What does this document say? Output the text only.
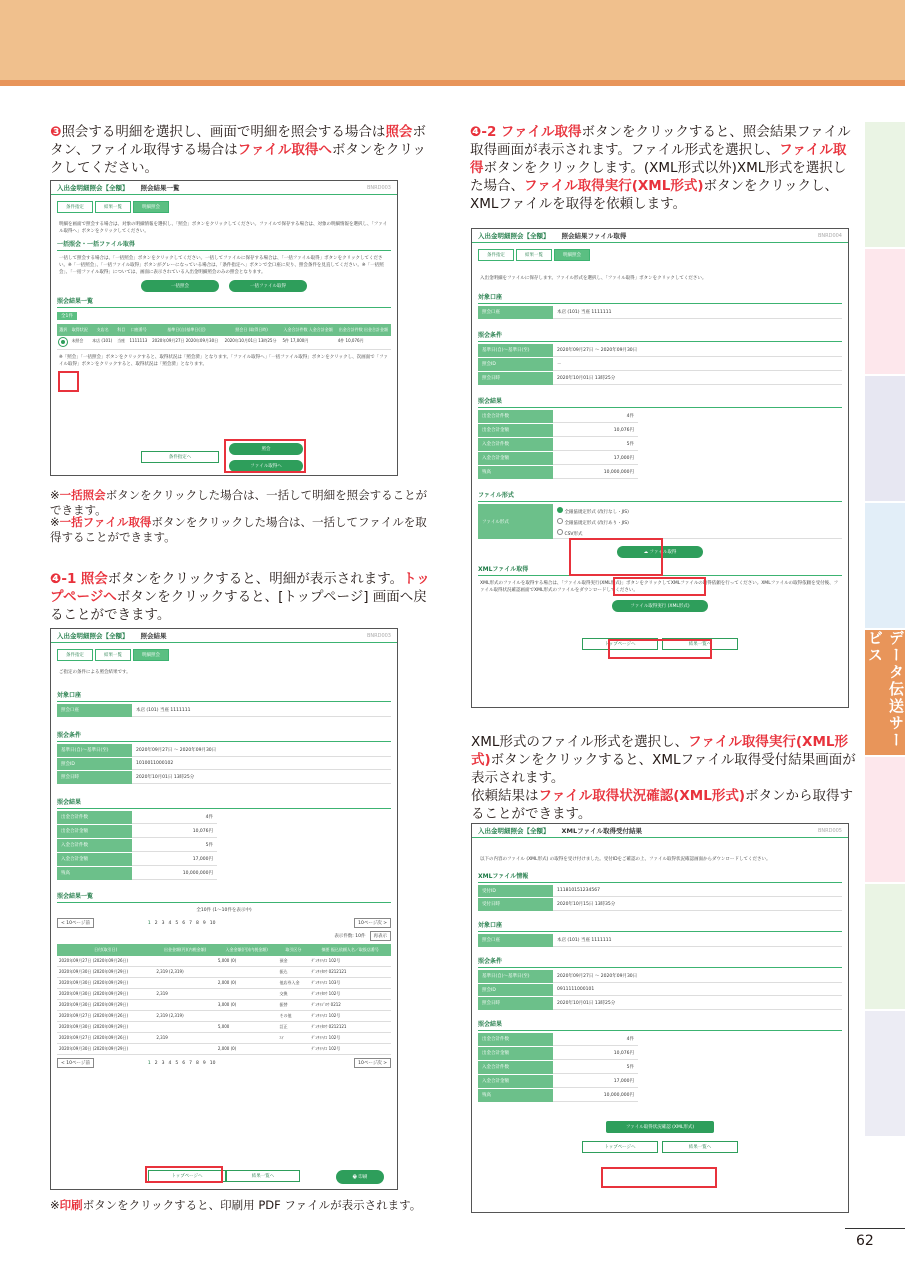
データ伝送サービス
62
❸照会する明細を選択し、画面で明細を照会する場合は照会ボタン、ファイル取得する場合はファイル取得へボタンをクリックしてください。
入出金明細照会【全額】 照会結果一覧	BNRD003
条件指定	結果一覧	明細照会
明細を画面で照会する場合は、対象の明細情報を選択し、「照会」ボタンをクリックしてください。ファイルで保存する場合は、対象の明細情報を選択し、「ファイル取得へ」ボタンをクリックしてください。
一括照会・一括ファイル取得
一括して照会する場合は、「一括照会」ボタンをクリックしてください。一括してファイルに保存する場合は、「一括ファイル取得」ボタンをクリックしてください。※「一括照会」、「一括ファイル取得」ボタンがグレーになっている場合は、「条件指定へ」ボタンで全口座に戻り、照会条件を見直してください。※「一括照会」、「一括ファイル取得」については、画面に表示されている入出金明細照会のみの照会となります。
一括照会	一括ファイル取得
照会結果一覧
全1件
選択	取得状況	支店名	科目	口座番号	基準日(自)基準日(至)	照会日 (取得日時)	入金合計件数 入金合計金額	出金合計件数 出金合計金額
	未照会	本店 (101)	当座	1111113	2020年09月27日 2020年09月30日	2020年10月01日 13時25分	5件 17,000円	4件 10,076円
※「照会」「一括照会」ボタンをクリックすると、取得状況は「照会済」となります。「ファイル取得へ」「一括ファイル取得」ボタンをクリックし、次画面で「ファイル取得」ボタンをクリックすると、取得状況は「照会済」となります。
条件指定へ
照会
ファイル取得へ
※一括照会ボタンをクリックした場合は、一括して明細を照会することができます。
※一括ファイル取得ボタンをクリックした場合は、一括してファイルを取得することができます。
❹-1 照会ボタンをクリックすると、明細が表示されます。トップページへボタンをクリックすると、[トップページ] 画面へ戻ることができます。
入出金明細照会【全額】 照会結果	BNRD003
条件指定	結果一覧	明細照会
ご指定の条件による照会結果です。
対象口座
照会口座	本店 (101) 当座 1111111
照会条件
基準日(自)～基準日(至)	2020年09月27日 ～ 2020年09月30日
照会ID	1010011000102
照会日時	2020年10月01日 13時25分
照会結果
出金合計件数	4件
出金合計金額	10,076円
入金合計件数	5件
入金合計金額	17,000円
残高	10,000,000円
照会結果一覧
全10件 (1～10件を表示中)
< 10ページ前	1 2 3 4 5 6 7 8 9 10	10ページ次 >
表示件数: 10件	再表示
日付(取引日)	出金金額(円)(内税金額)	入金金額(円)(内税金額)	取引区分	摘要 振込依頼人名／取扱店番号
2020年09月27日 (2020年09月26日)		5,000 (0)	預金	ﾃﾞﾝｻｲﾊﾅｺ 102号
2020年09月30日 (2020年09月29日)	2,319 (2,319)		振込	ﾃﾞﾝｻｲﾀﾛｳ 0212121
2020年09月30日 (2020年09月29日)		2,000 (0)	他店券入金	ﾃﾞﾝｻｲﾊﾅｺ 103号
2020年09月30日 (2020年09月29日)	2,319		交換	ﾃﾞﾝｻｲﾀﾛｳ 102号
2020年09月30日 (2020年09月29日)		3,000 (0)	振替	ﾃﾞﾝｻｲｼﾞﾛｳ 0212
2020年09月27日 (2020年09月26日)	2,319 (2,319)		その他	ﾃﾞﾝｻｲﾊﾅｺ 102号
2020年09月30日 (2020年09月29日)		5,000	訂正	ﾃﾞﾝｻｲﾀﾛｳ 0212121
2020年09月27日 (2020年09月26日)	2,319		ｴｲ	ﾃﾞﾝｻｲﾊﾅｺ 102号
2020年09月30日 (2020年09月29日)		2,000 (0)		ﾃﾞﾝｻｲﾊﾅｺ 102号
< 10ページ前	1 2 3 4 5 6 7 8 9 10	10ページ次 >
トップページへ	結果一覧へ	🖶 印刷
※印刷ボタンをクリックすると、印刷用 PDF ファイルが表示されます。
❹-2 ファイル取得ボタンをクリックすると、照会結果ファイル取得画面が表示されます。ファイル形式を選択し、ファイル取得ボタンをクリックします。(XML形式以外)XML形式を選択した場合、ファイル取得実行(XML形式)ボタンをクリックし、XMLファイルを取得を依頼します。
入出金明細照会【全額】 照会結果ファイル取得	BNRD004
条件指定	結果一覧	明細照会
入出金明細をファイルに保存します。ファイル形式を選択し、「ファイル取得」ボタンをクリックしてください。
対象口座
照会口座	本店 (101) 当座 1111111
照会条件
基準日(自)～基準日(至)	2020年09月27日 ～ 2020年09月30日
照会ID	－
照会日時	2020年10月01日 13時25分
照会結果
出金合計件数	4件
出金合計金額	10,076円
入金合計件数	5件
入金合計金額	17,000円
残高	10,000,000円
ファイル形式
ファイル形式
全銀協規定形式 (改行なし・JIS)
全銀協規定形式 (改行あり・JIS)
CSV形式
☁ ファイル取得
XMLファイル取得
XML形式のファイルを取得する場合は、「ファイル取得実行(XML形式)」ボタンをクリックしてXMLファイルの取得依頼を行ってください。XMLファイルの取得依頼を受付後、ファイル取得状況確認画面でXML形式のファイルをダウンロードしてください。
ファイル取得実行 (XML形式)
トップページへ	結果一覧へ
XML形式のファイル形式を選択し、ファイル取得実行(XML形式)ボタンをクリックすると、XMLファイル取得受付結果画面が表示されます。
依頼結果はファイル取得状況確認(XML形式)ボタンから取得することができます。
入出金明細照会【全額】 XMLファイル取得受付結果	BNRD005
以下の内容のファイル (XML形式) の取得を受け付けました。受付IDをご確認の上、ファイル取得状況確認画面からダウンロードしてください。
XMLファイル情報
受付ID	111810151234567
受付日時	2020年10月15日 13時35分
対象口座
照会口座	本店 (101) 当座 1111111
照会条件
基準日(自)～基準日(至)	2020年09月27日 ～ 2020年09月30日
照会ID	0911111000101
照会日時	2020年10月01日 13時25分
照会結果
出金合計件数	4件
出金合計金額	10,076円
入金合計件数	5件
入金合計金額	17,000円
残高	10,000,000円
ファイル取得状況確認 (XML形式)
トップページへ	結果一覧へ
